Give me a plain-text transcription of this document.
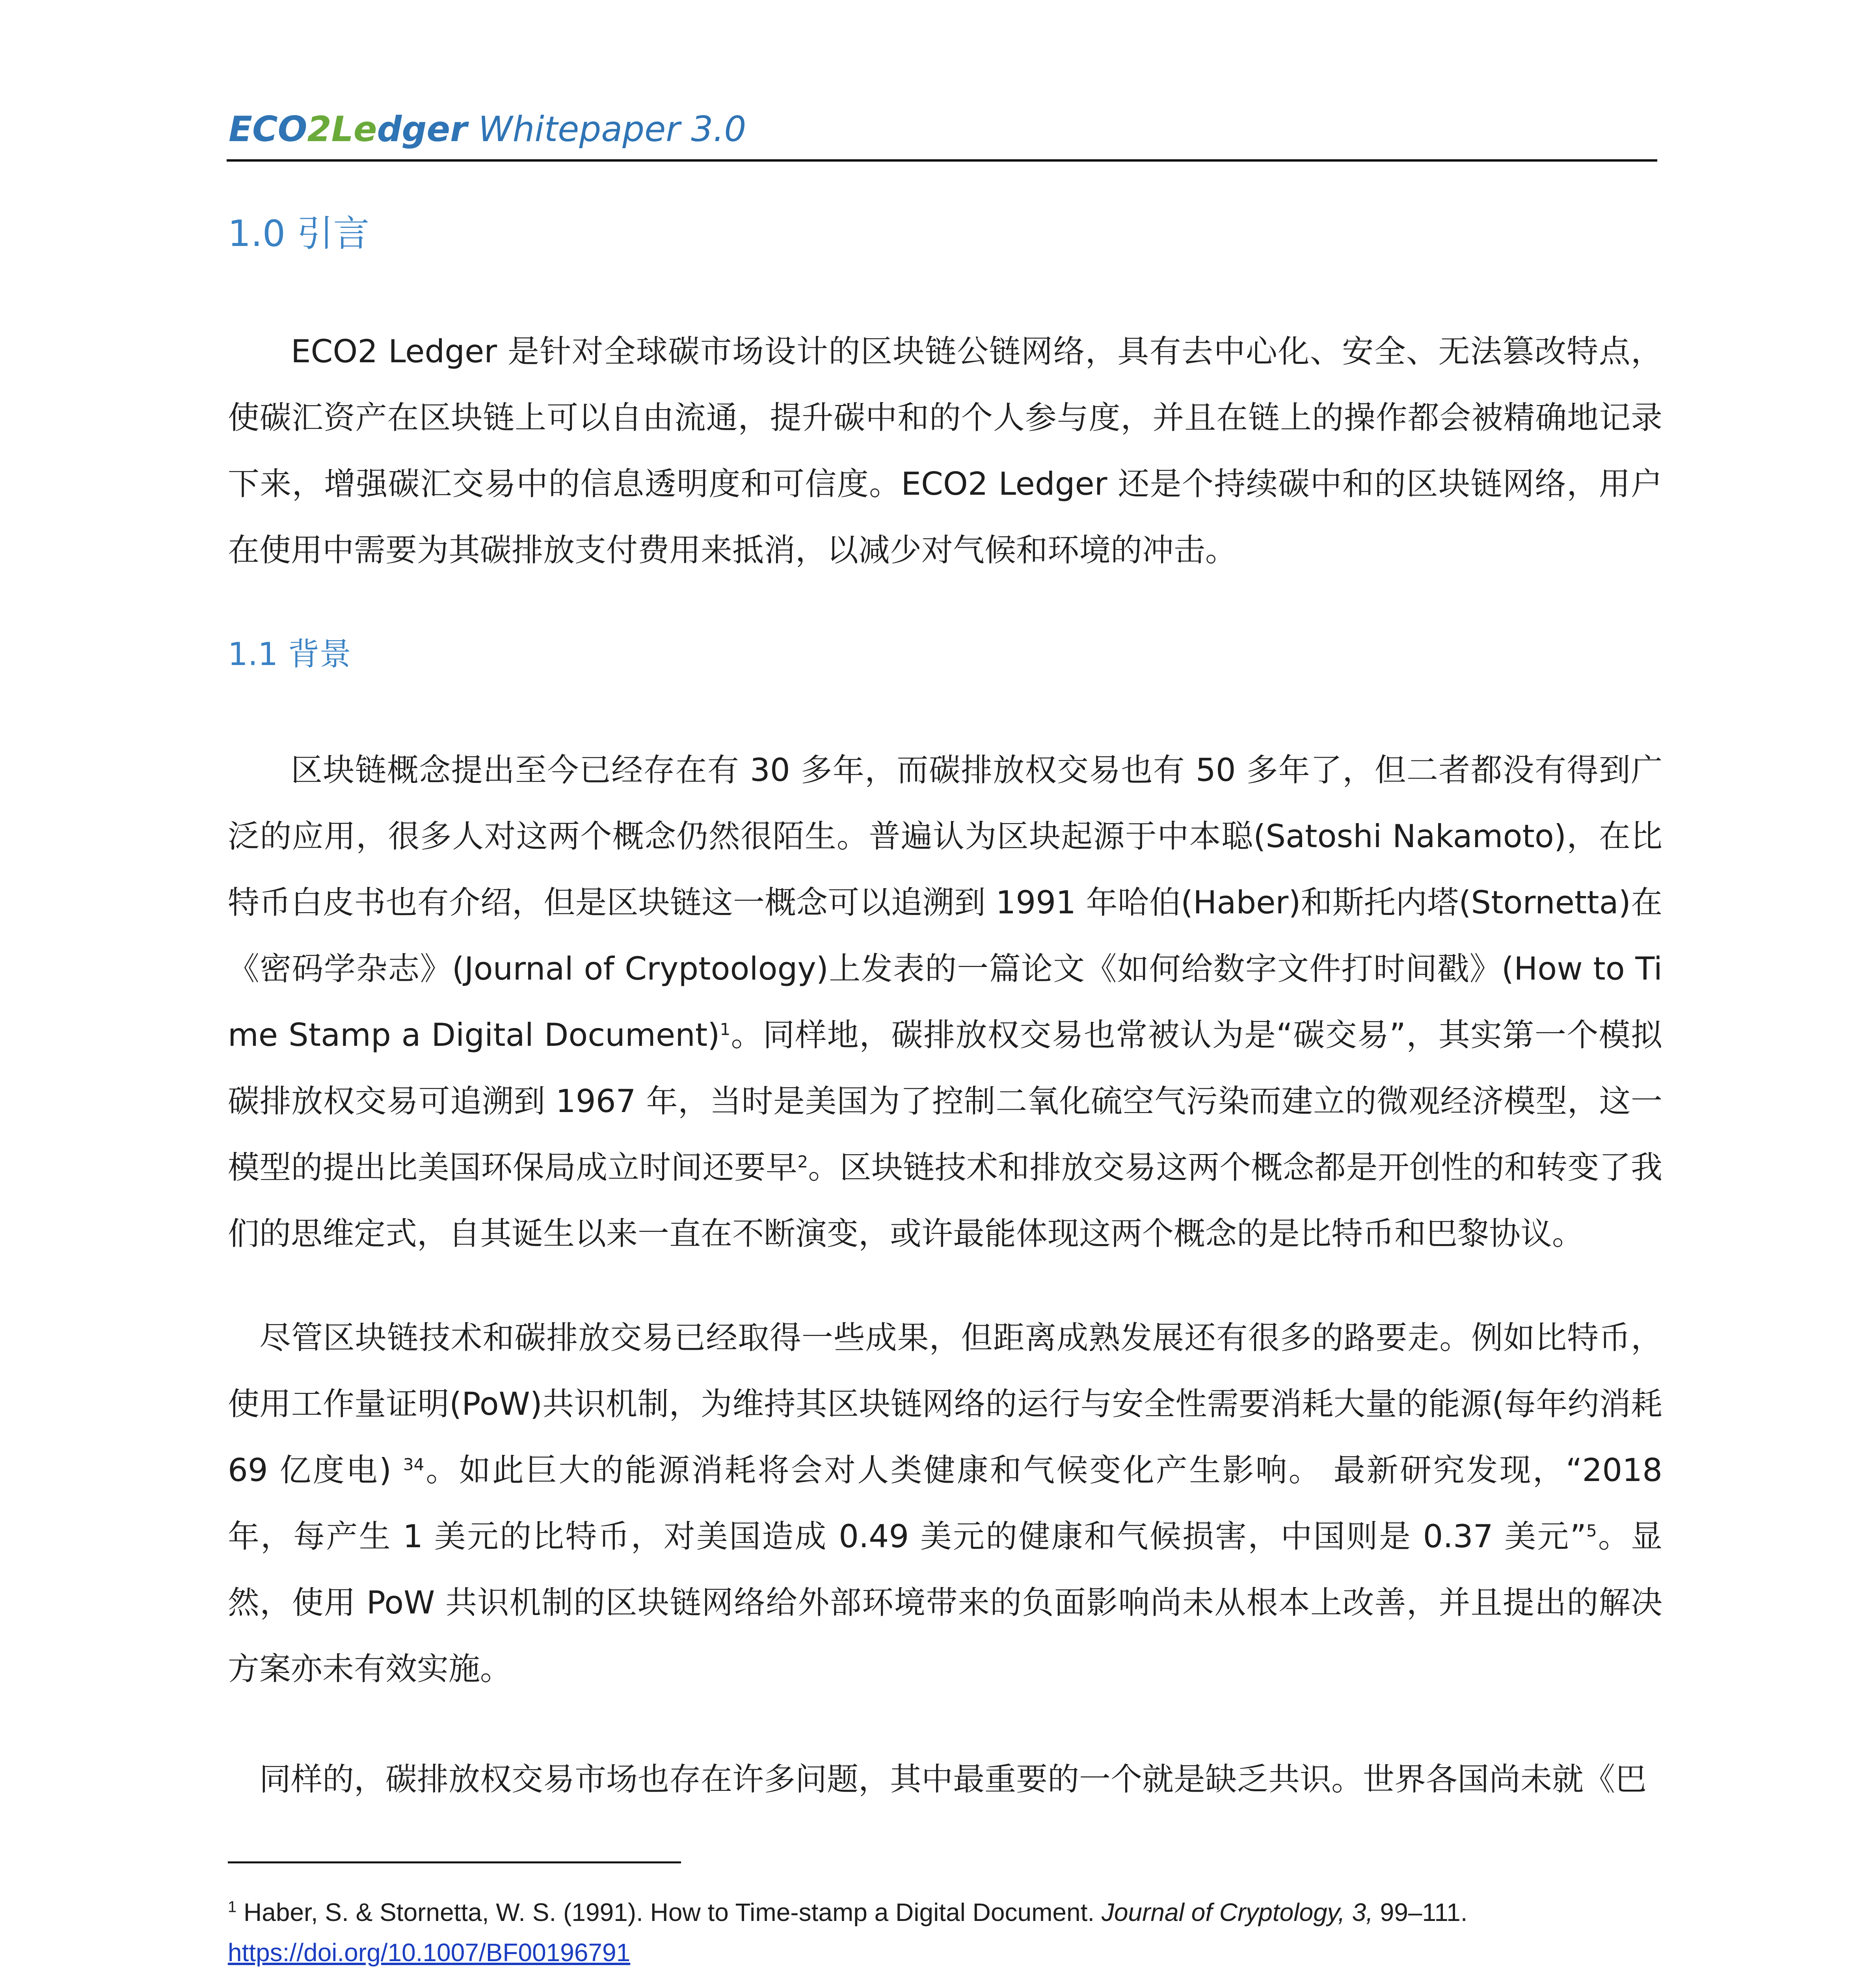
ECO2Ledger Whitepaper 3.0
1.0 引言

ECO2 Ledger 是针对全球碳市场设计的区块链公链网络，具有去中心化、安全、无法篡改特点，使碳汇资产在区块链上可以自由流通，提升碳中和的个人参与度，并且在链上的操作都会被精确地记录下来，增强碳汇交易中的信息透明度和可信度。ECO2 Ledger 还是个持续碳中和的区块链网络，用户在使用中需要为其碳排放支付费用来抵消，以减少对气候和环境的冲击。

1.1 背景

区块链概念提出至今已经存在有 30 多年，而碳排放权交易也有 50 多年了，但二者都没有得到广泛的应用，很多人对这两个概念仍然很陌生。普遍认为区块起源于中本聪(Satoshi Nakamoto)，在比特币白皮书也有介绍，但是区块链这一概念可以追溯到 1991 年哈伯(Haber)和斯托内塔(Stornetta)在《密码学杂志》(Journal of Cryptoology)上发表的一篇论文《如何给数字文件打时间戳》(How to Time Stamp a Digital Document)$^1$。同样地，碳排放权交易也常被认为是“碳交易”，其实第一个模拟碳排放权交易可追溯到 1967 年，当时是美国为了控制二氧化硫空气污染而建立的微观经济模型，这一模型的提出比美国环保局成立时间还要早$^2$。区块链技术和排放交易这两个概念都是开创性的和转变了我们的思维定式，自其诞生以来一直在不断演变，或许最能体现这两个概念的是比特币和巴黎协议。

尽管区块链技术和碳排放交易已经取得一些成果，但距离成熟发展还有很多的路要走。例如比特币，使用工作量证明(PoW)共识机制，为维持其区块链网络的运行与安全性需要消耗大量的能源(每年约消耗 69 亿度电) $^{34}$。如此巨大的能源消耗将会对人类健康和气候变化产生影响。 最新研究发现，“2018 年，每产生 1 美元的比特币，对美国造成 0.49 美元的健康和气候损害，中国则是 0.37 美元”$^5$。显然，使用 PoW 共识机制的区块链网络给外部环境带来的负面影响尚未从根本上改善，并且提出的解决方案亦未有效实施。

同样的，碳排放权交易市场也存在许多问题，其中最重要的一个就是缺乏共识。世界各国尚未就《巴

$^1$ Haber, S. & Stornetta, W. S. (1991). How to Time-stamp a Digital Document. Journal of Cryptology, 3, 99–111.
https://doi.org/10.1007/BF00196791
